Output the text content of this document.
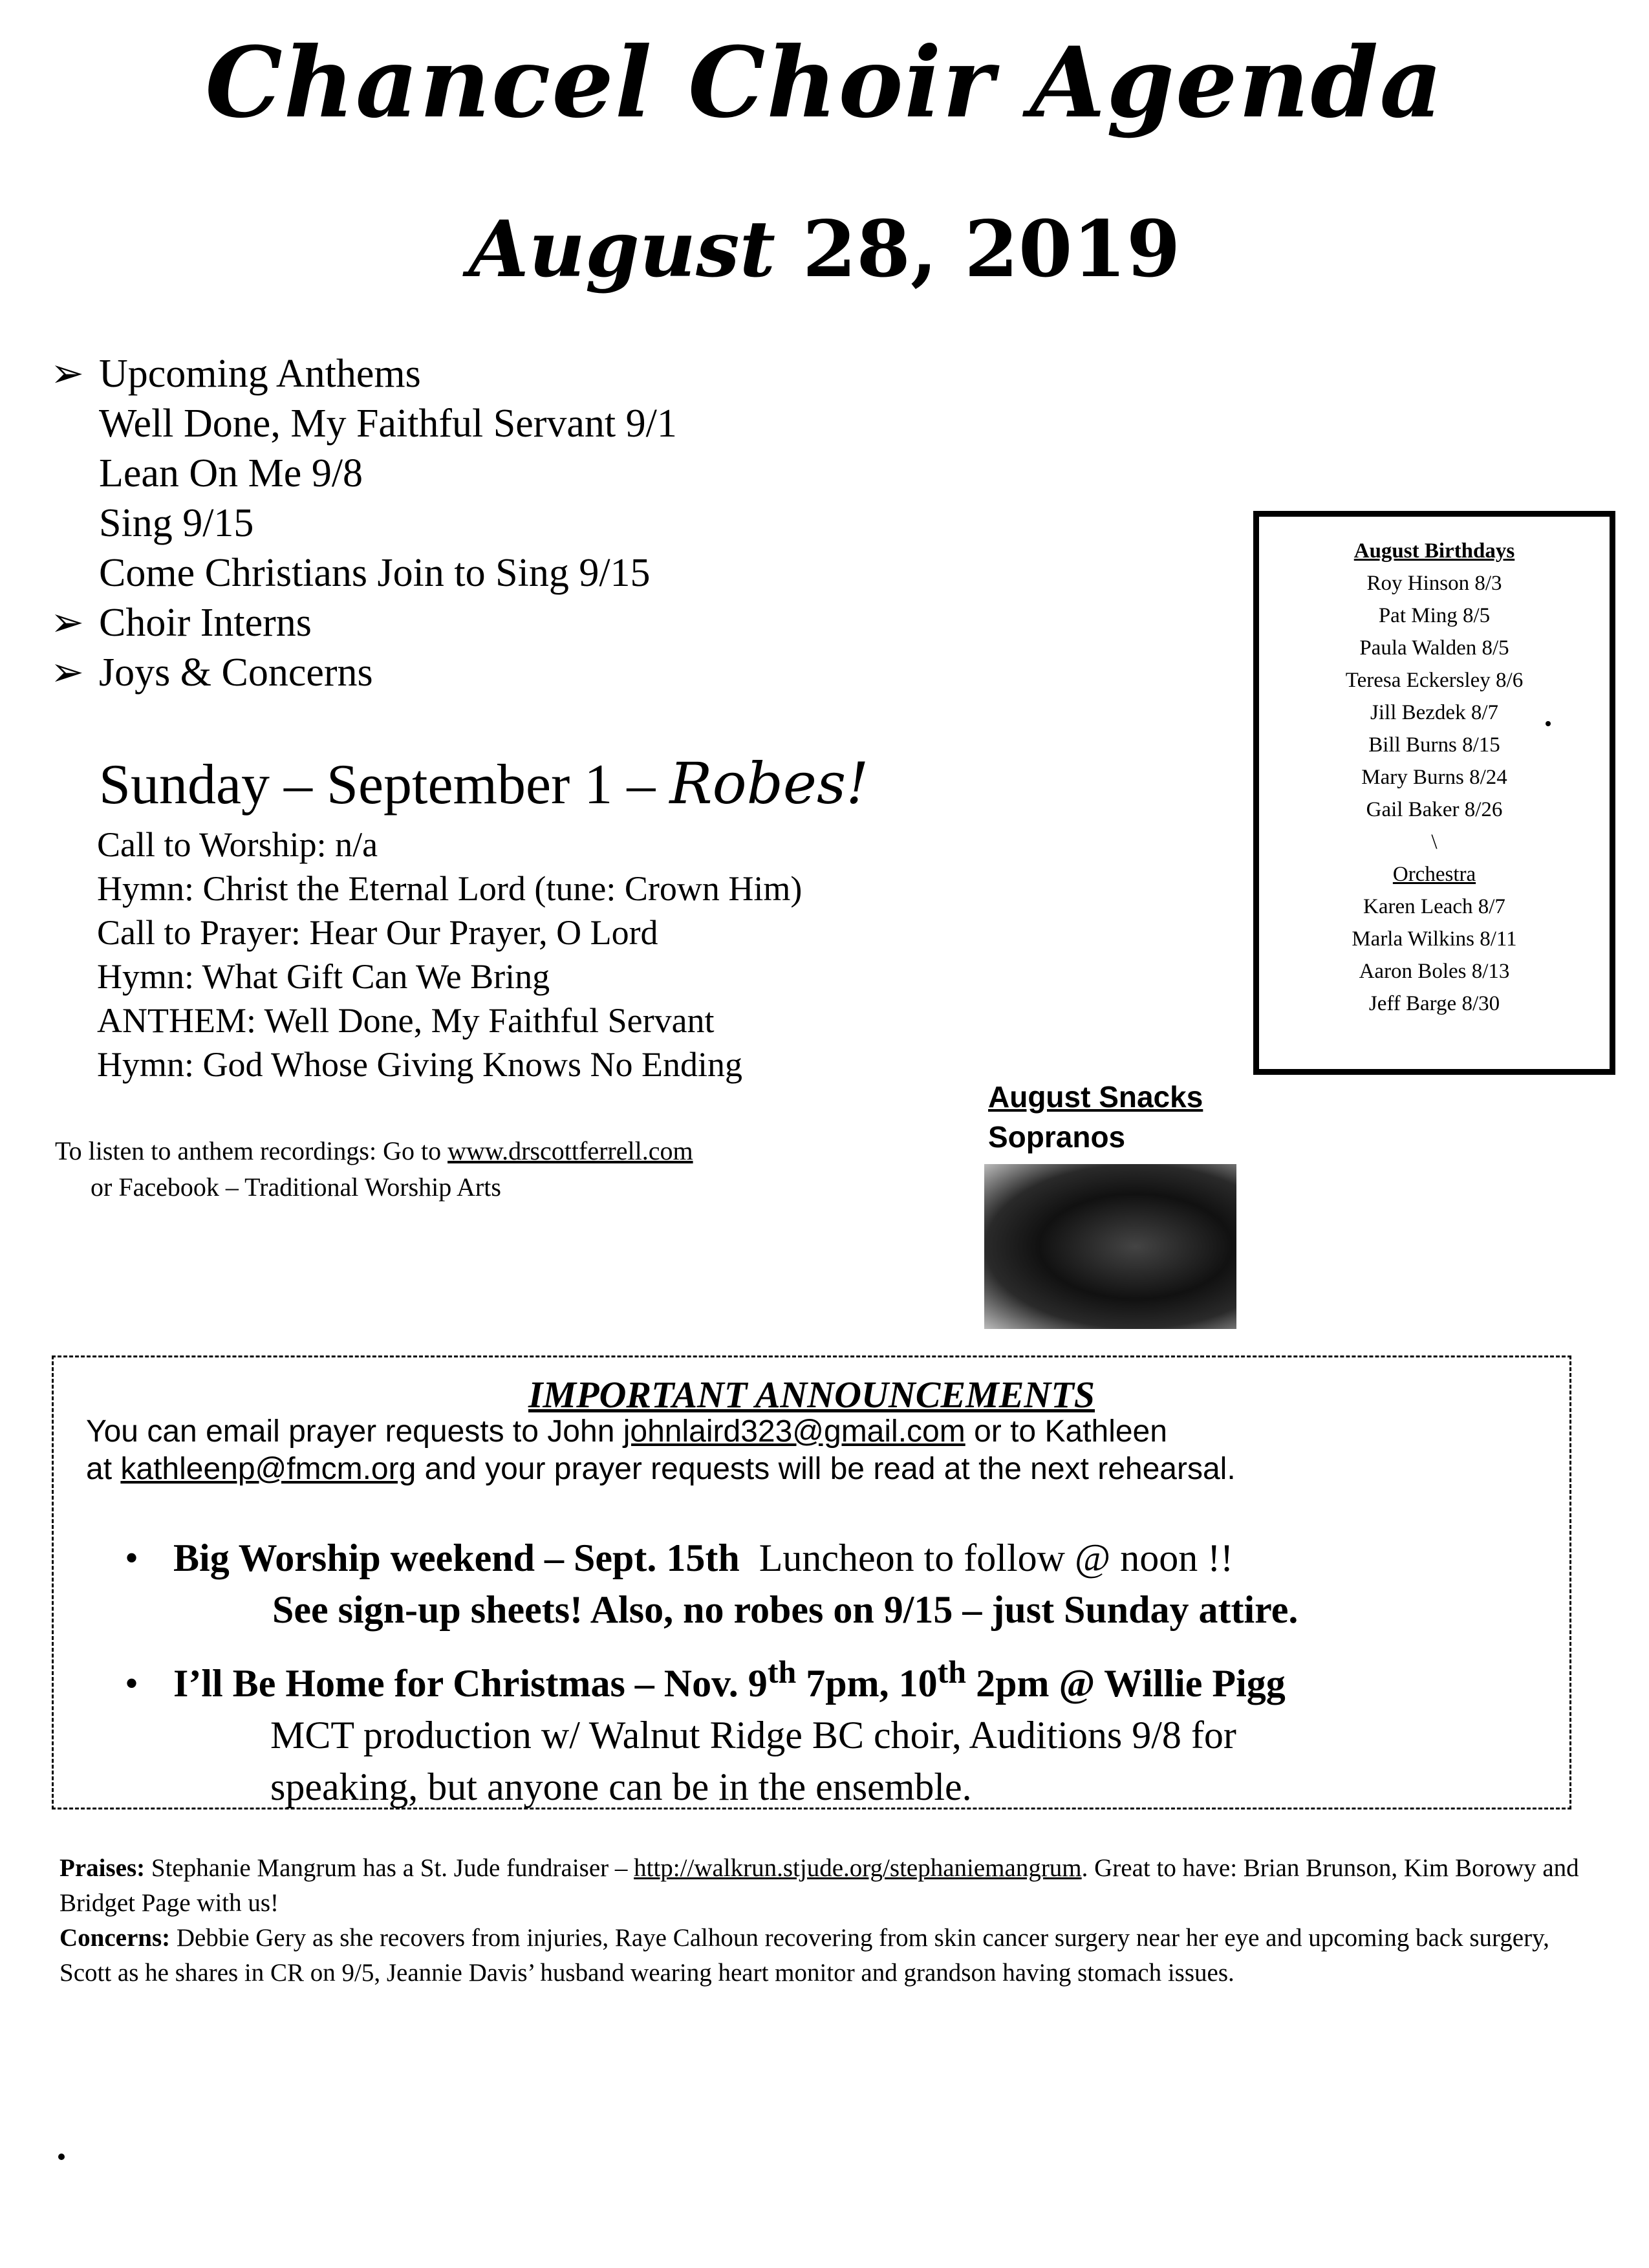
Chancel Choir Agenda
August 28, 2019
➢ Upcoming Anthems
Well Done, My Faithful Servant 9/1
Lean On Me 9/8
Sing 9/15
Come Christians Join to Sing 9/15
➢ Choir Interns
➢ Joys & Concerns
Sunday – September 1 – Robes!
Call to Worship: n/a
Hymn: Christ the Eternal Lord (tune: Crown Him)
Call to Prayer: Hear Our Prayer, O Lord
Hymn: What Gift Can We Bring
ANTHEM: Well Done, My Faithful Servant
Hymn: God Whose Giving Knows No Ending
To listen to anthem recordings: Go to www.drscottferrell.com
or Facebook – Traditional Worship Arts
August Snacks
Sopranos
August Birthdays
Roy Hinson 8/3
Pat Ming 8/5
Paula Walden 8/5
Teresa Eckersley 8/6
Jill Bezdek 8/7
Bill Burns 8/15
Mary Burns 8/24
Gail Baker 8/26
\
Orchestra
Karen Leach 8/7
Marla Wilkins 8/11
Aaron Boles 8/13
Jeff Barge 8/30
IMPORTANT ANNOUNCEMENTS
You can email prayer requests to John johnlaird323@gmail.com or to Kathleen
at kathleenp@fmcm.org and your prayer requests will be read at the next rehearsal.
• Big Worship weekend – Sept. 15th Luncheon to follow @ noon !!
See sign-up sheets! Also, no robes on 9/15 – just Sunday attire.
• I’ll Be Home for Christmas – Nov. 9th 7pm, 10th 2pm @ Willie Pigg
MCT production w/ Walnut Ridge BC choir, Auditions 9/8 for
speaking, but anyone can be in the ensemble.
Praises: Stephanie Mangrum has a St. Jude fundraiser – http://walkrun.stjude.org/stephaniemangrum. Great to have: Brian Brunson, Kim Borowy and Bridget Page with us!
Concerns: Debbie Gery as she recovers from injuries, Raye Calhoun recovering from skin cancer surgery near her eye and upcoming back surgery, Scott as he shares in CR on 9/5, Jeannie Davis’ husband wearing heart monitor and grandson having stomach issues.
